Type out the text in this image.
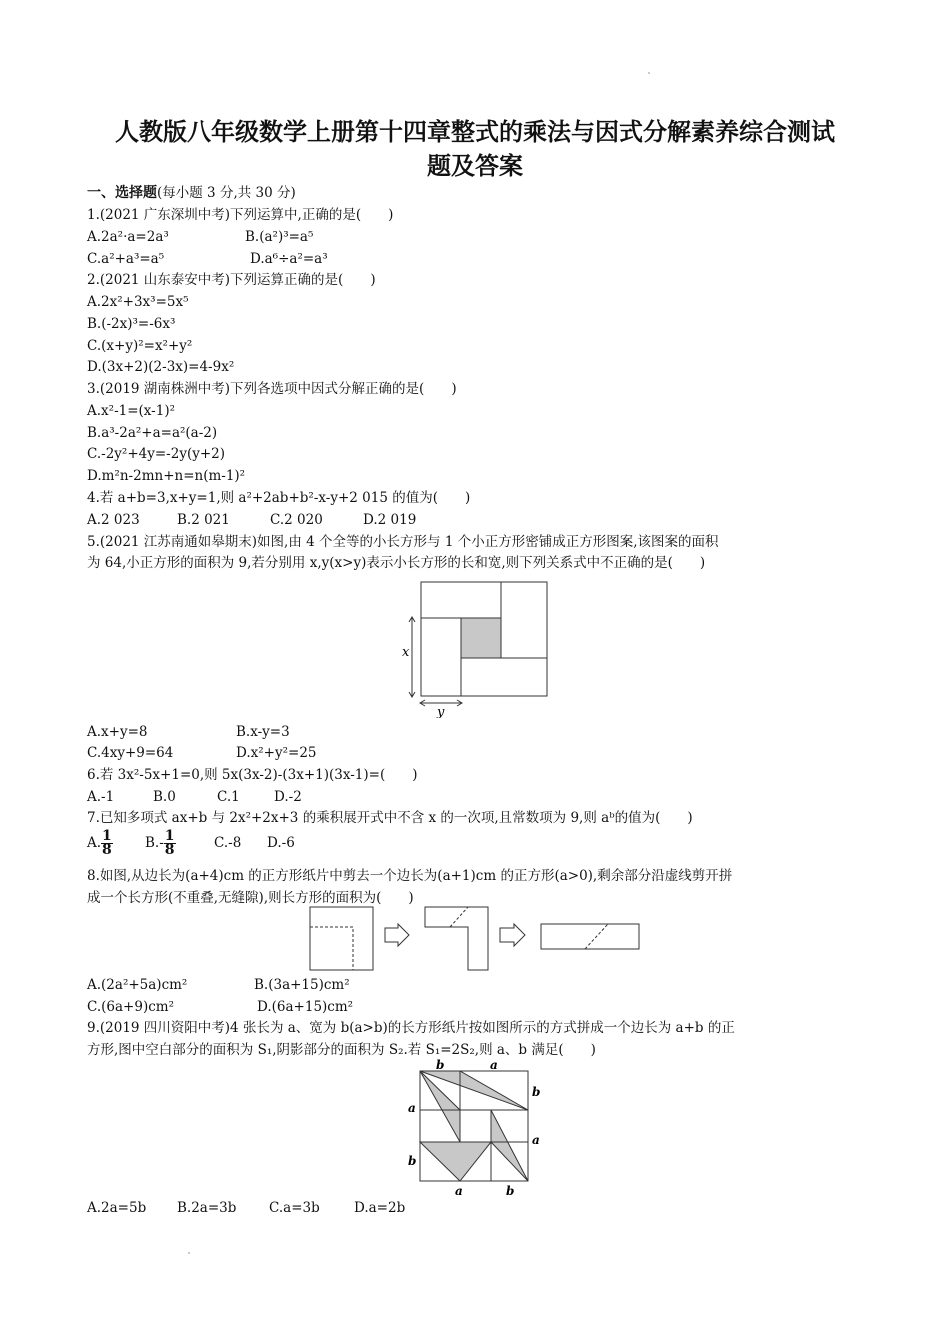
人教版八年级数学上册第十四章整式的乘法与因式分解素养综合测试
题及答案
一、选择题(每小题 3 分,共 30 分)
1.(2021 广东深圳中考)下列运算中,正确的是(　　)
A.2a²·a=2a³	B.(a²)³=a⁵
C.a²+a³=a⁵	D.a⁶÷a²=a³
2.(2021 山东泰安中考)下列运算正确的是(　　)
A.2x²+3x³=5x⁵
B.(-2x)³=-6x³
C.(x+y)²=x²+y²
D.(3x+2)(2-3x)=4-9x²
3.(2019 湖南株洲中考)下列各选项中因式分解正确的是(　　)
A.x²-1=(x-1)²
B.a³-2a²+a=a²(a-2)
C.-2y²+4y=-2y(y+2)
D.m²n-2mn+n=n(m-1)²
4.若 a+b=3,x+y=1,则 a²+2ab+b²-x-y+2 015 的值为(　　)
A.2 023	B.2 021	C.2 020	D.2 019
5.(2021 江苏南通如皋期末)如图,由 4 个全等的小长方形与 1 个小正方形密铺成正方形图案,该图案的面积
为 64,小正方形的面积为 9,若分别用 x,y(x>y)表示小长方形的长和宽,则下列关系式中不正确的是(　　)
x
y
A.x+y=8	B.x-y=3
C.4xy+9=64	D.x²+y²=25
6.若 3x²-5x+1=0,则 5x(3x-2)-(3x+1)(3x-1)=(　　)
A.-1	B.0	C.1	D.-2
7.已知多项式 ax+b 与 2x²+2x+3 的乘积展开式中不含 x 的一次项,且常数项为 9,则 aᵇ的值为(　　)
A. $\frac{1}{8} B.- \frac{1}{8}$	C.-8 D.-6
8.如图,从边长为(a+4)cm 的正方形纸片中剪去一个边长为(a+1)cm 的正方形(a>0),剩余部分沿虚线剪开拼
成一个长方形(不重叠,无缝隙),则长方形的面积为(　　)
A.(2a²+5a)cm²	B.(3a+15)cm²
C.(6a+9)cm²	D.(6a+15)cm²
9.(2019 四川资阳中考)4 张长为 a、宽为 b(a>b)的长方形纸片按如图所示的方式拼成一个边长为 a+b 的正
方形,图中空白部分的面积为 S₁,阴影部分的面积为 S₂.若 S₁=2S₂,则 a、b 满足(　　)
b	a
b
a
a
b
a	b
A.2a=5b B.2a=3b C.a=3b	D.a=2b
